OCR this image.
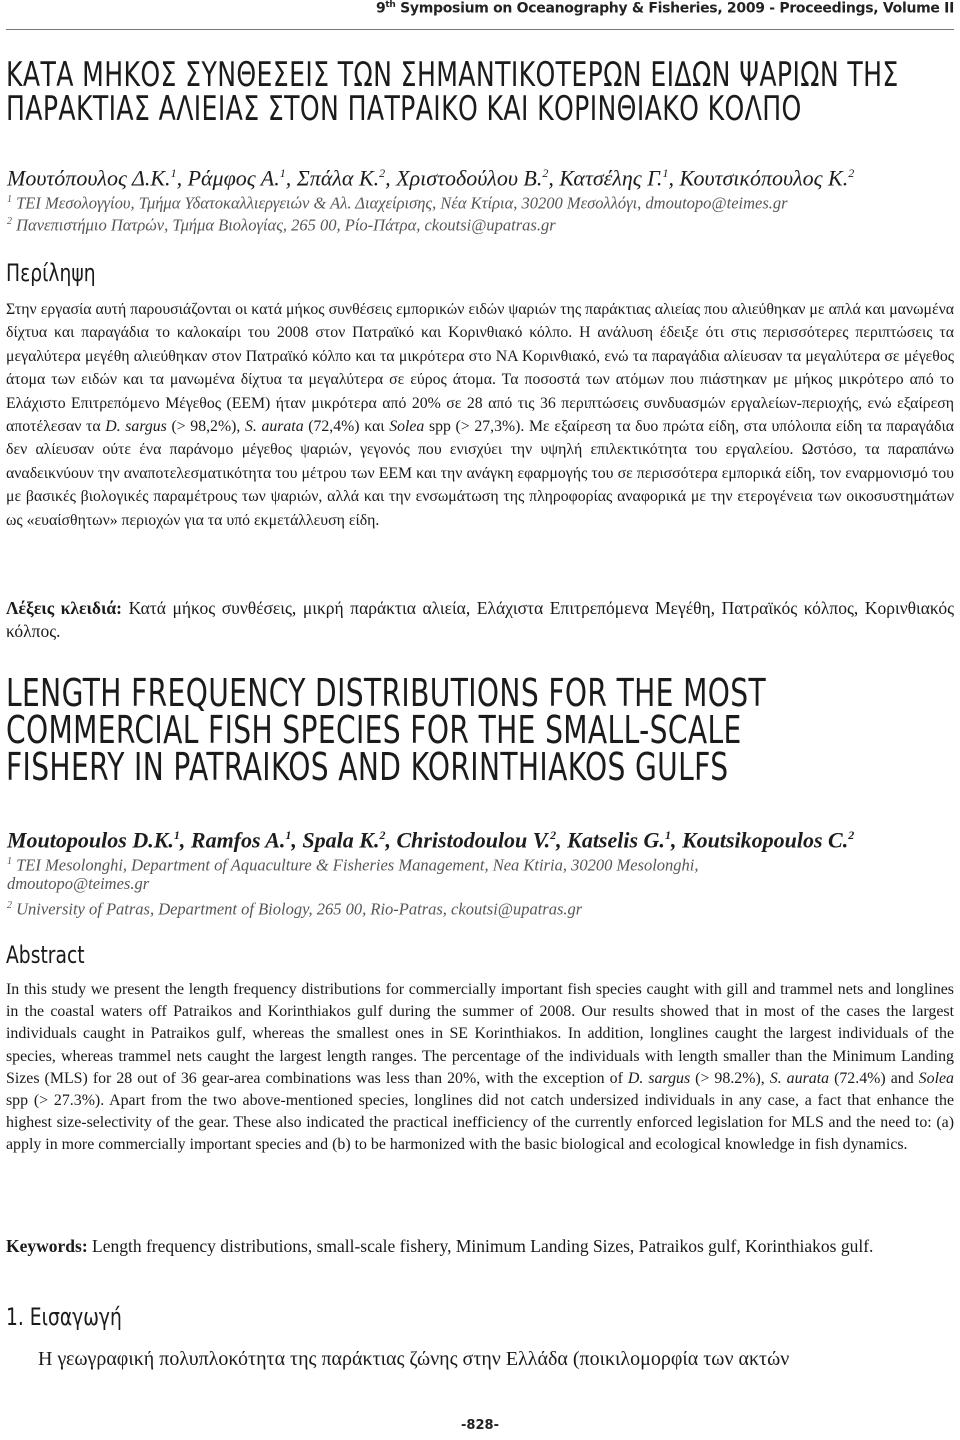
9th Symposium on Oceanography & Fisheries, 2009 - Proceedings, Volume II
ΚΑΤΑ ΜΗΚΟΣ ΣΥΝΘΕΣΕΙΣ ΤΩΝ ΣΗΜΑΝΤΙΚΟΤΕΡΩΝ ΕΙΔΩΝ ΨΑΡΙΩΝ ΤΗΣ
ΠΑΡΑΚΤΙΑΣ ΑΛΙΕΙΑΣ ΣΤΟΝ ΠΑΤΡΑΙΚΟ ΚΑΙ ΚΟΡΙΝΘΙΑΚΟ ΚΟΛΠΟ
Μουτόπουλος Δ.Κ.$^1$, Ράμφος Α.$^1$, Σπάλα Κ.$^2$, Χριστοδούλου Β.$^2$, Κατσέλης Γ.$^1$, Κουτσικόπουλος Κ.$^2$
$^1$ ΤΕΙ Μεσολογγίου, Τμήμα Υδατοκαλλιεργειών & Αλ. Διαχείρισης, Νέα Κτίρια, 30200 Μεσολλόγι, dmoutopo@teimes.gr
$^2$ Πανεπιστήμιο Πατρών, Τμήμα Βιολογίας, 265 00, Ρίο-Πάτρα, ckoutsi@upatras.gr
Περίληψη
Στην εργασία αυτή παρουσιάζονται οι κατά μήκος συνθέσεις εμπορικών ειδών ψαριών της παράκτιας αλιείας που αλιεύθηκαν με απλά και μανωμένα δίχτυα και παραγάδια το καλοκαίρι του 2008 στον Πατραϊκό και Κορινθιακό κόλπο. Η ανάλυση έδειξε ότι στις περισσότερες περιπτώσεις τα μεγαλύτερα μεγέθη αλιεύθηκαν στον Πατραϊκό κόλπο και τα μικρότερα στο ΝΑ Κορινθιακό, ενώ τα παραγάδια αλίευσαν τα μεγαλύτερα σε μέγεθος άτομα των ειδών και τα μανωμένα δίχτυα τα μεγαλύτερα σε εύρος άτομα. Τα ποσοστά των ατόμων που πιάστηκαν με μήκος μικρότερο από το Ελάχιστο Επιτρεπόμενο Μέγεθος (ΕΕΜ) ήταν μικρότερα από 20% σε 28 από τις 36 περιπτώσεις συνδυασμών εργαλείων-περιοχής, ενώ εξαίρεση αποτέλεσαν τα D. sargus (> 98,2%), S. aurata (72,4%) και Solea spp (> 27,3%). Με εξαίρεση τα δυο πρώτα είδη, στα υπόλοιπα είδη τα παραγάδια δεν αλίευσαν ούτε ένα παράνομο μέγεθος ψαριών, γεγονός που ενισχύει την υψηλή επιλεκτικότητα του εργαλείου. Ωστόσο, τα παραπάνω αναδεικνύουν την αναποτελεσματικότητα του μέτρου των ΕΕΜ και την ανάγκη εφαρμογής του σε περισσότερα εμπορικά είδη, τον εναρμονισμό του με βασικές βιολογικές παραμέτρους των ψαριών, αλλά και την ενσωμάτωση της πληροφορίας αναφορικά με την ετερογένεια των οικοσυστημάτων ως «ευαίσθητων» περιοχών για τα υπό εκμετάλλευση είδη.
Λέξεις κλειδιά: Κατά μήκος συνθέσεις, μικρή παράκτια αλιεία, Ελάχιστα Επιτρεπόμενα Μεγέθη, Πατραϊκός κόλπος, Κορινθιακός κόλπος.
LENGTH FREQUENCY DISTRIBUTIONS FOR THE MOST
COMMERCIAL FISH SPECIES FOR THE SMALL-SCALE
FISHERY IN PATRAIKOS AND KORINTHIAKOS GULFS
Moutopoulos D.K.$^1$, Ramfos A.$^1$, Spala K.$^2$, Christodoulou V.$^2$, Katselis G.$^1$, Koutsikopoulos C.$^2$
$^1$ TEI Mesolonghi, Department of Aquaculture & Fisheries Management, Nea Ktiria, 30200 Mesolonghi,
dmoutopo@teimes.gr
$^2$ University of Patras, Department of Biology, 265 00, Rio-Patras, ckoutsi@upatras.gr
Abstract
In this study we present the length frequency distributions for commercially important fish species caught with gill and trammel nets and longlines in the coastal waters off Patraikos and Korinthiakos gulf during the summer of 2008. Our results showed that in most of the cases the largest individuals caught in Patraikos gulf, whereas the smallest ones in SE Korinthiakos. In addition, longlines caught the largest individuals of the species, whereas trammel nets caught the largest length ranges. The percentage of the individuals with length smaller than the Minimum Landing Sizes (MLS) for 28 out of 36 gear-area combinations was less than 20%, with the exception of D. sargus (> 98.2%), S. aurata (72.4%) and Solea spp (> 27.3%). Apart from the two above-mentioned species, longlines did not catch undersized individuals in any case, a fact that enhance the highest size-selectivity of the gear. These also indicated the practical inefficiency of the currently enforced legislation for MLS and the need to: (a) apply in more commercially important species and (b) to be harmonized with the basic biological and ecological knowledge in fish dynamics.
Keywords: Length frequency distributions, small-scale fishery, Minimum Landing Sizes, Patraikos gulf, Korinthiakos gulf.
1. Εισαγωγή
Η γεωγραφική πολυπλοκότητα της παράκτιας ζώνης στην Ελλάδα (ποικιλομορφία των ακτών
-828-
